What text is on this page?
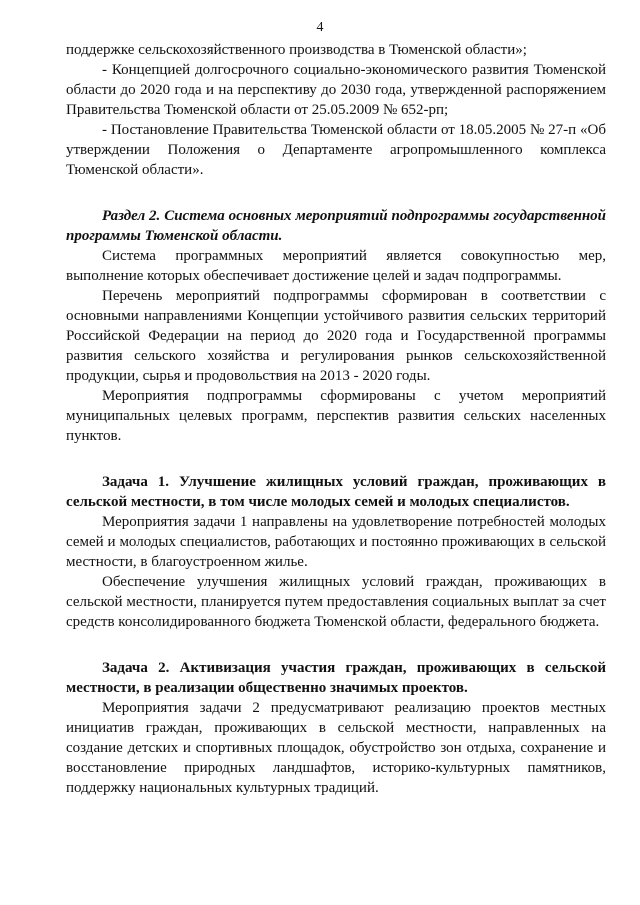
4

поддержке сельскохозяйственного производства в Тюменской области»;

- Концепцией долгосрочного социально-экономического развития Тюменской области до 2020 года и на перспективу до 2030 года, утвержденной распоряжением Правительства Тюменской области от 25.05.2009 № 652-рп;

- Постановление Правительства Тюменской области от 18.05.2005 № 27-п «Об утверждении Положения о Департаменте агропромышленного комплекса Тюменской области».

Раздел 2. Система основных мероприятий подпрограммы государственной программы Тюменской области.

Система программных мероприятий является совокупностью мер, выполнение которых обеспечивает достижение целей и задач подпрограммы.

Перечень мероприятий подпрограммы сформирован в соответствии с основными направлениями Концепции устойчивого развития сельских территорий Российской Федерации на период до 2020 года и Государственной программы развития сельского хозяйства и регулирования рынков сельскохозяйственной продукции, сырья и продовольствия на 2013 - 2020 годы.

Мероприятия подпрограммы сформированы с учетом мероприятий муниципальных целевых программ, перспектив развития сельских населенных пунктов.

Задача 1. Улучшение жилищных условий граждан, проживающих в сельской местности, в том числе молодых семей и молодых специалистов.

Мероприятия задачи 1 направлены на удовлетворение потребностей молодых семей и молодых специалистов, работающих и постоянно проживающих в сельской местности, в благоустроенном жилье.

Обеспечение улучшения жилищных условий граждан, проживающих в сельской местности, планируется путем предоставления социальных выплат за счет средств консолидированного бюджета Тюменской области, федерального бюджета.

Задача 2. Активизация участия граждан, проживающих в сельской местности, в реализации общественно значимых проектов.

Мероприятия задачи 2 предусматривают реализацию проектов местных инициатив граждан, проживающих в сельской местности, направленных на создание детских и спортивных площадок, обустройство зон отдыха, сохранение и восстановление природных ландшафтов, историко-культурных памятников, поддержку национальных культурных традиций.
